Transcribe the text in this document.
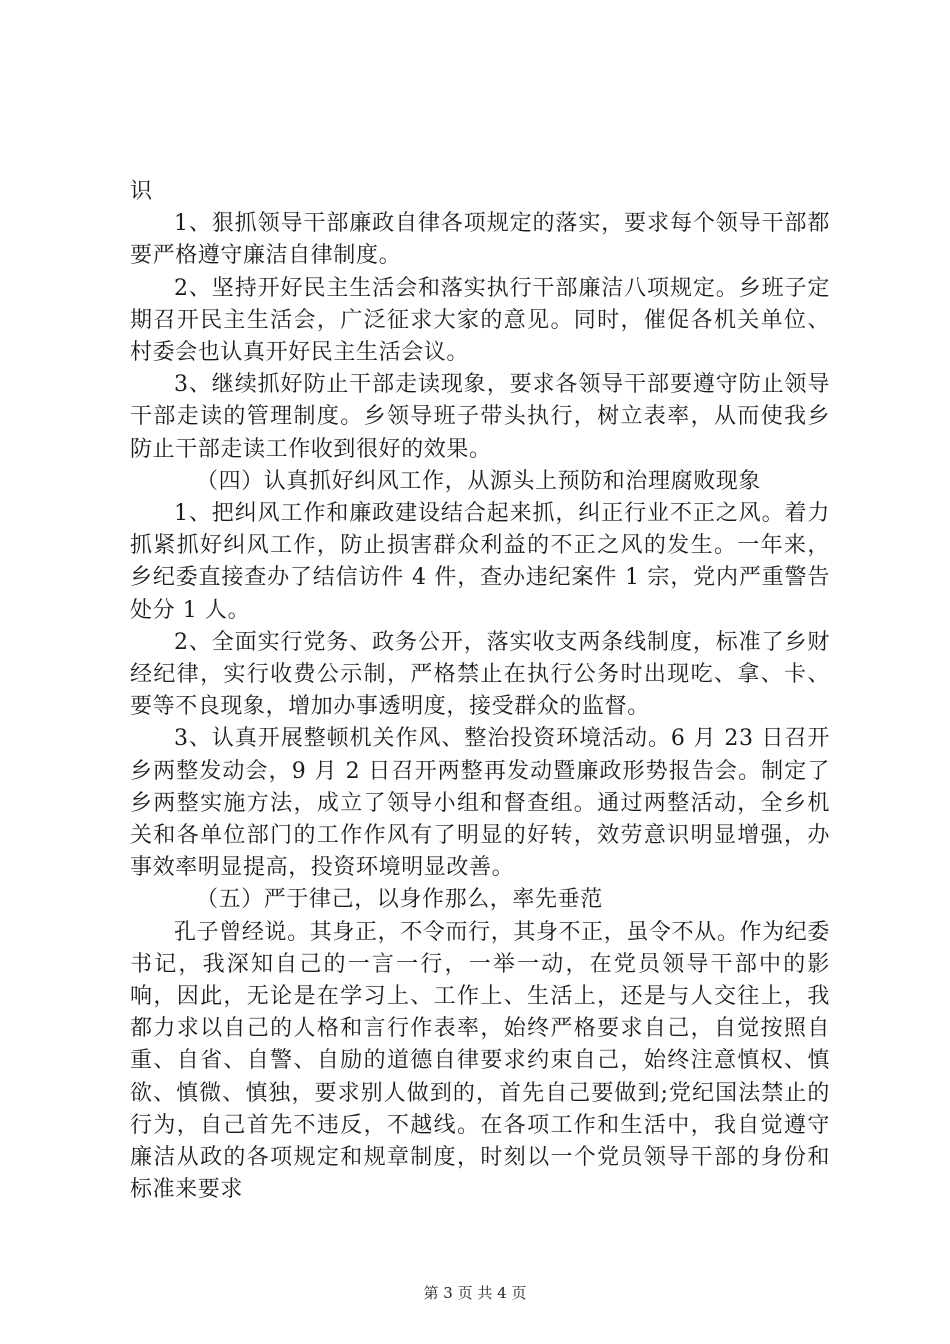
识

1、狠抓领导干部廉政自律各项规定的落实，要求每个领导干部都要严格遵守廉洁自律制度。

2、坚持开好民主生活会和落实执行干部廉洁八项规定。乡班子定期召开民主生活会，广泛征求大家的意见。同时，催促各机关单位、村委会也认真开好民主生活会议。

3、继续抓好防止干部走读现象，要求各领导干部要遵守防止领导干部走读的管理制度。乡领导班子带头执行，树立表率，从而使我乡防止干部走读工作收到很好的效果。

（四）认真抓好纠风工作，从源头上预防和治理腐败现象

1、把纠风工作和廉政建设结合起来抓，纠正行业不正之风。着力抓紧抓好纠风工作，防止损害群众利益的不正之风的发生。一年来，乡纪委直接查办了结信访件 4 件，查办违纪案件 1 宗，党内严重警告处分 1 人。

2、全面实行党务、政务公开，落实收支两条线制度，标准了乡财经纪律，实行收费公示制，严格禁止在执行公务时出现吃、拿、卡、要等不良现象，增加办事透明度，接受群众的监督。

3、认真开展整顿机关作风、整治投资环境活动。6 月 23 日召开乡两整发动会，9 月 2 日召开两整再发动暨廉政形势报告会。制定了乡两整实施方法，成立了领导小组和督查组。通过两整活动，全乡机关和各单位部门的工作作风有了明显的好转，效劳意识明显增强，办事效率明显提高，投资环境明显改善。

（五）严于律己，以身作那么，率先垂范

孔子曾经说。其身正，不令而行，其身不正，虽令不从。作为纪委书记，我深知自己的一言一行，一举一动，在党员领导干部中的影响，因此，无论是在学习上、工作上、生活上，还是与人交往上，我都力求以自己的人格和言行作表率，始终严格要求自己，自觉按照自重、自省、自警、自励的道德自律要求约束自己，始终注意慎权、慎欲、慎微、慎独，要求别人做到的，首先自己要做到;党纪国法禁止的行为，自己首先不违反，不越线。在各项工作和生活中，我自觉遵守廉洁从政的各项规定和规章制度，时刻以一个党员领导干部的身份和标准来要求

第 3 页 共 4 页
